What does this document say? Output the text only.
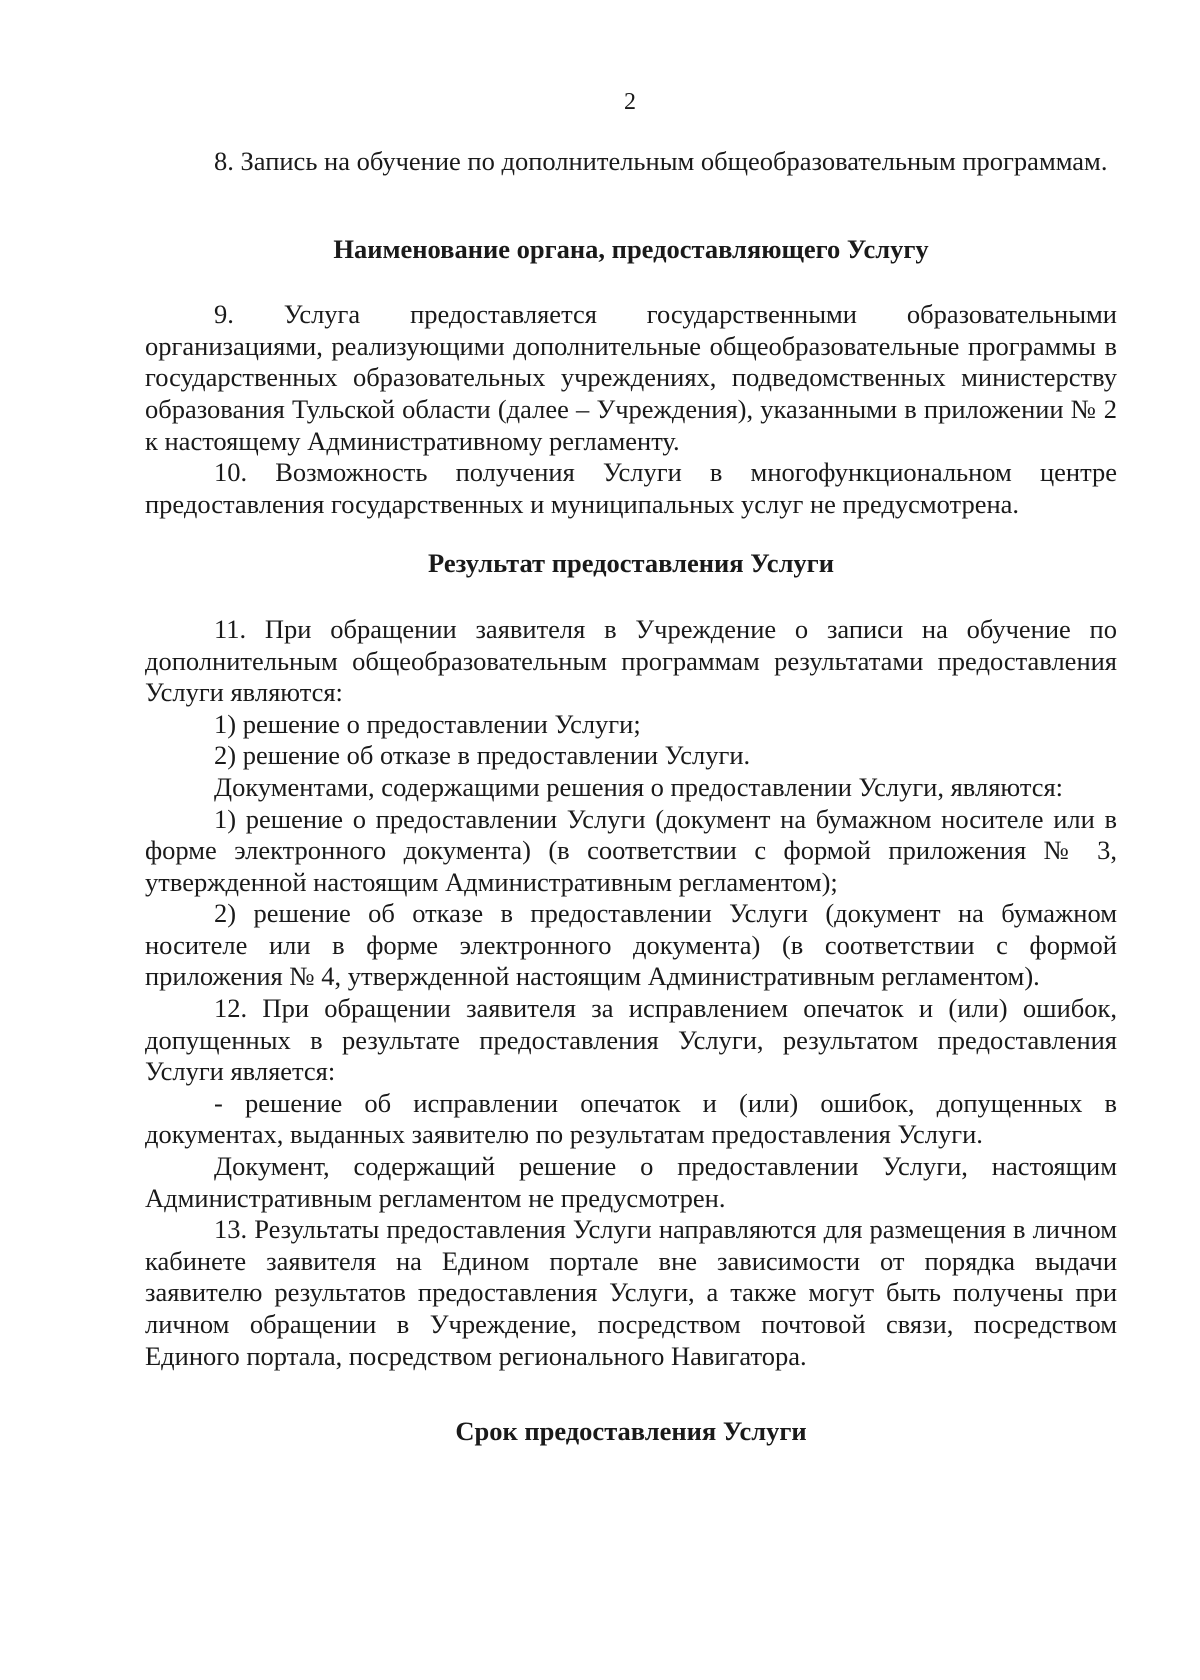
2

8. Запись на обучение по дополнительным общеобразовательным программам.

Наименование органа, предоставляющего Услугу

9. Услуга предоставляется государственными образовательными организациями, реализующими дополнительные общеобразовательные программы в государственных образовательных учреждениях, подведомственных министерству образования Тульской области (далее – Учреждения), указанными в приложении № 2 к настоящему Административному регламенту.

10. Возможность получения Услуги в многофункциональном центре предоставления государственных и муниципальных услуг не предусмотрена.

Результат предоставления Услуги

11. При обращении заявителя в Учреждение о записи на обучение по дополнительным общеобразовательным программам результатами предоставления Услуги являются:

1) решение о предоставлении Услуги;

2) решение об отказе в предоставлении Услуги.

Документами, содержащими решения о предоставлении Услуги, являются:

1) решение о предоставлении Услуги (документ на бумажном носителе или в форме электронного документа) (в соответствии с формой приложения № 3, утвержденной настоящим Административным регламентом);

2) решение об отказе в предоставлении Услуги (документ на бумажном носителе или в форме электронного документа) (в соответствии с формой приложения № 4, утвержденной настоящим Административным регламентом).

12. При обращении заявителя за исправлением опечаток и (или) ошибок, допущенных в результате предоставления Услуги, результатом предоставления Услуги является:

- решение об исправлении опечаток и (или) ошибок, допущенных в документах, выданных заявителю по результатам предоставления Услуги.

Документ, содержащий решение о предоставлении Услуги, настоящим Административным регламентом не предусмотрен.

13. Результаты предоставления Услуги направляются для размещения в личном кабинете заявителя на Едином портале вне зависимости от порядка выдачи заявителю результатов предоставления Услуги, а также могут быть получены при личном обращении в Учреждение, посредством почтовой связи, посредством Единого портала, посредством регионального Навигатора.

Срок предоставления Услуги
